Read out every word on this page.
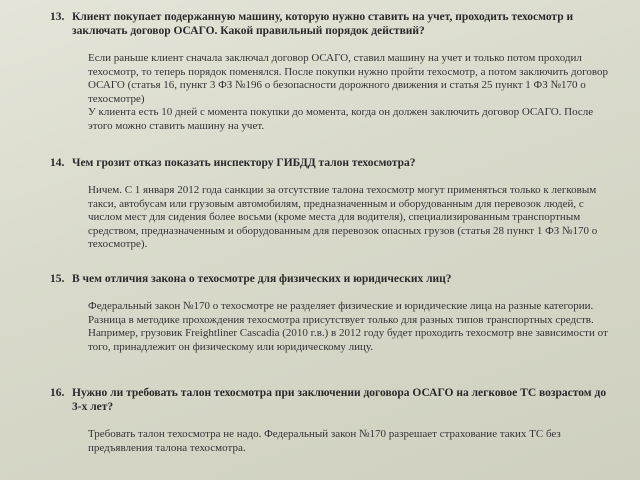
13. Клиент покупает подержанную машину, которую нужно ставить на учет, проходить техосмотр и заключать договор ОСАГО. Какой правильный порядок действий?

Если раньше клиент сначала заключал договор ОСАГО, ставил машину на учет и только потом проходил техосмотр, то теперь порядок поменялся. После покупки нужно пройти техосмотр, а потом заключить договор ОСАГО (статья 16, пункт 3 ФЗ №196 о безопасности дорожного движения и статья 25 пункт 1 ФЗ №170 о техосмотре)

У клиента есть 10 дней с момента покупки до момента, когда он должен заключить договор ОСАГО. После этого можно ставить машину на учет.

14. Чем грозит отказ показать инспектору ГИБДД талон техосмотра?

Ничем. С 1 января 2012 года санкции за отсутствие талона техосмотр могут применяться только к легковым такси, автобусам или грузовым автомобилям, предназначенным и оборудованным для перевозок людей, с числом мест для сидения более восьми (кроме места для водителя), специализированным транспортным средством, предназначенным и оборудованным для перевозок опасных грузов (статья 28 пункт 1 ФЗ №170 о техосмотре).

15. В чем отличия закона о техосмотре для физических и юридических лиц?

Федеральный закон №170 о техосмотре не разделяет физические и юридические лица на разные категории. Разница в методике прохождения техосмотра присутствует только для разных типов транспортных средств. Например, грузовик Freightliner Cascadia (2010 г.в.) в 2012 году будет проходить техосмотр вне зависимости от того, принадлежит он физическому или юридическому лицу.

16. Нужно ли требовать талон техосмотра при заключении договора ОСАГО на легковое ТС возрастом до 3-х лет?

Требовать талон техосмотра не надо. Федеральный закон №170 разрешает страхование таких ТС без предъявления талона техосмотра.
